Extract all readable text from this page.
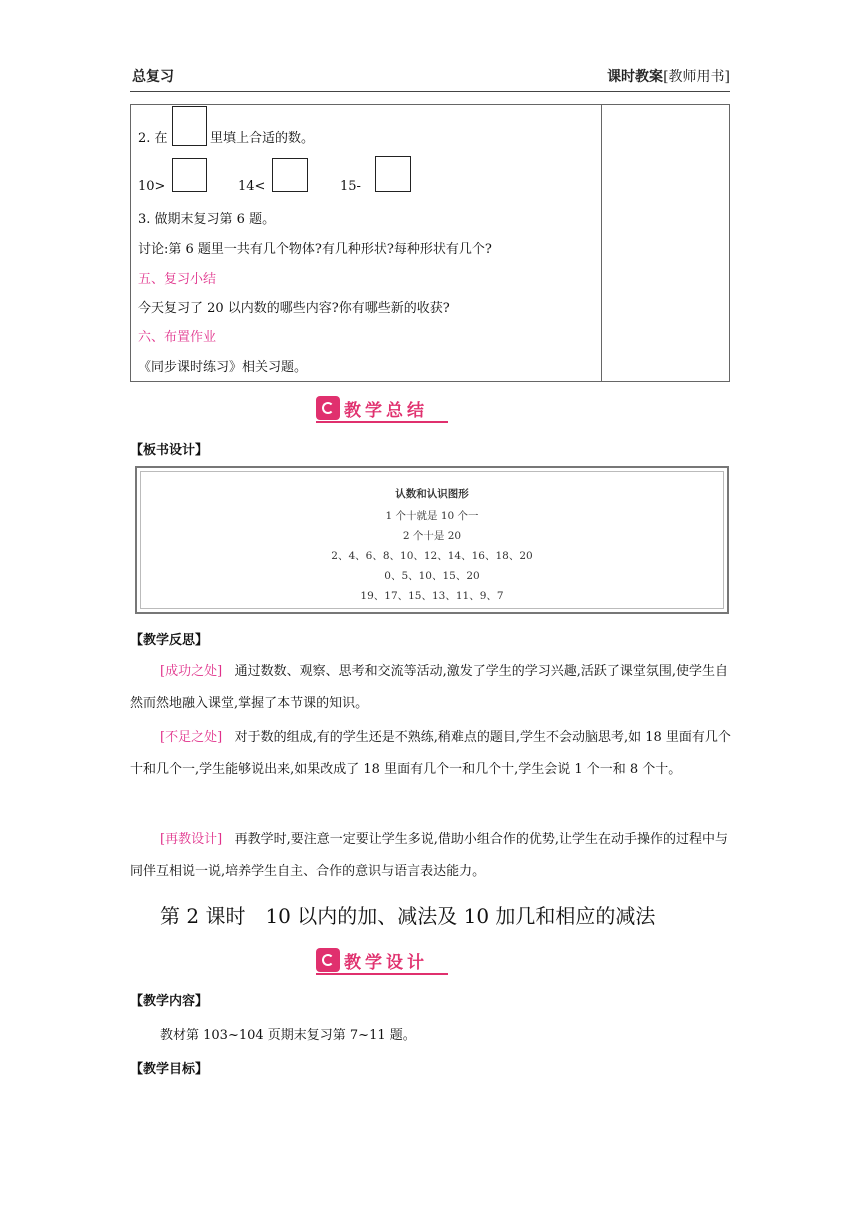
总复习	课时教案[教师用书]
2. 在	里填上合适的数。
10>	14<	15-
3. 做期末复习第 6 题。
讨论:第 6 题里一共有几个物体?有几种形状?每种形状有几个?
五、复习小结
今天复习了 20 以内数的哪些内容?你有哪些新的收获?
六、布置作业
《同步课时练习》相关习题。
教学总结
【板书设计】
认数和认识图形
1 个十就是 10 个一
2 个十是 20
2、4、6、8、10、12、14、16、18、20
0、5、10、15、20
19、17、15、13、11、9、7
【教学反思】
[成功之处] 通过数数、观察、思考和交流等活动,激发了学生的学习兴趣,活跃了课堂氛围,使学生自然而然地融入课堂,掌握了本节课的知识。
[不足之处] 对于数的组成,有的学生还是不熟练,稍难点的题目,学生不会动脑思考,如 18 里面有几个十和几个一,学生能够说出来,如果改成了 18 里面有几个一和几个十,学生会说 1 个一和 8 个十。
[再教设计] 再教学时,要注意一定要让学生多说,借助小组合作的优势,让学生在动手操作的过程中与同伴互相说一说,培养学生自主、合作的意识与语言表达能力。
第 2 课时　10 以内的加、减法及 10 加几和相应的减法
教学设计
【教学内容】
教材第 103~104 页期末复习第 7~11 题。
【教学目标】
